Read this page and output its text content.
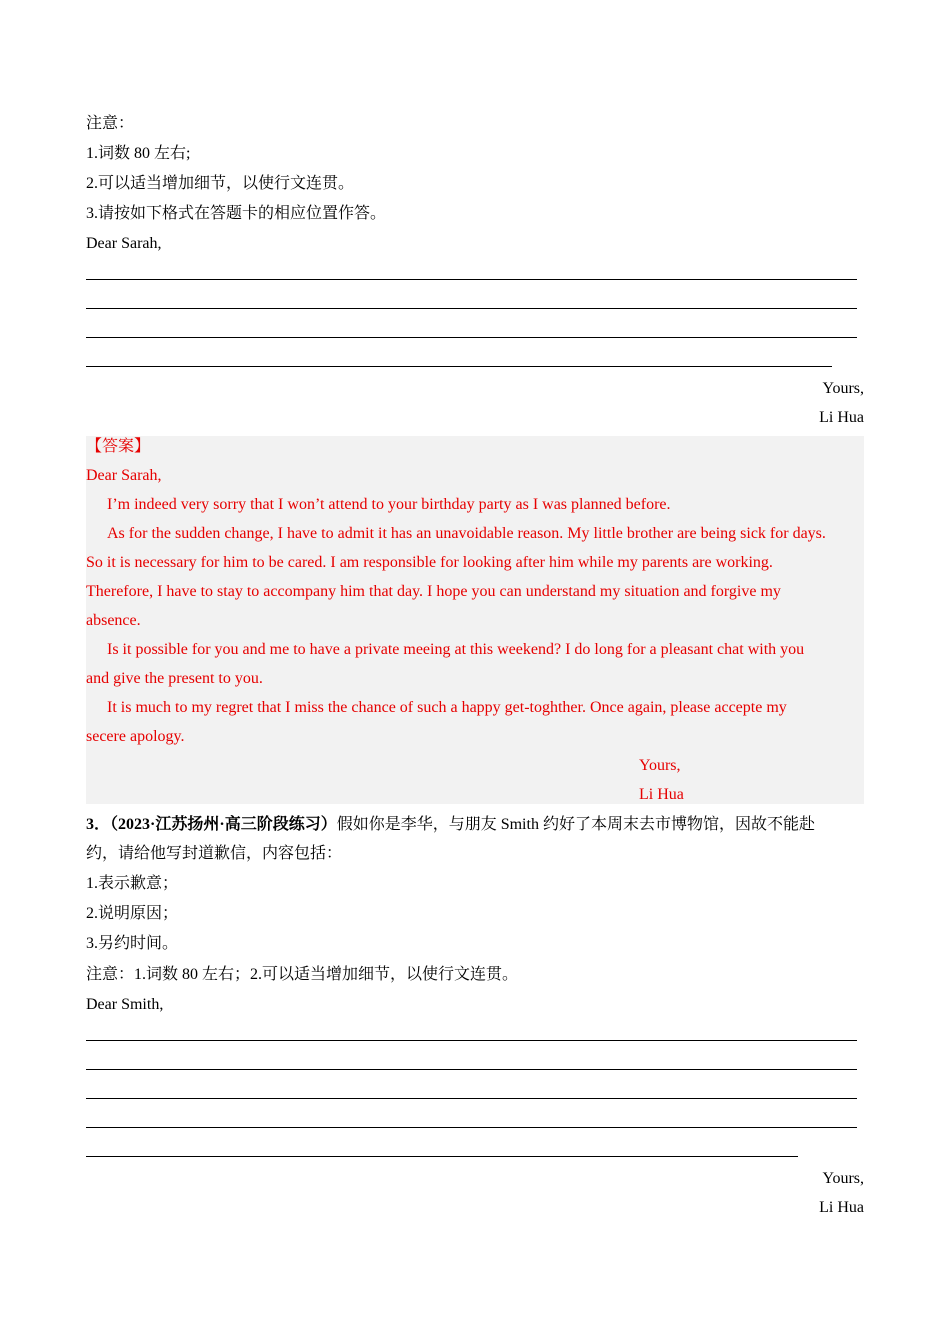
注意：
1.词数 80 左右;
2.可以适当增加细节，以使行文连贯。
3.请按如下格式在答题卡的相应位置作答。
Dear Sarah,
Yours,
Li Hua
【答案】
Dear Sarah,
I’m indeed very sorry that I won’t attend to your birthday party as I was planned before.
As for the sudden change, I have to admit it has an unavoidable reason. My little brother are being sick for days.
So it is necessary for him to be cared. I am responsible for looking after him while my parents are working.
Therefore, I have to stay to accompany him that day. I hope you can understand my situation and forgive my
absence.
Is it possible for you and me to have a private meeing at this weekend? I do long for a pleasant chat with you
and give the present to you.
It is much to my regret that I miss the chance of such a happy get-toghther. Once again, please accepte my
secere apology.
Yours,
Li Hua
3．（2023·江苏扬州·高三阶段练习）假如你是李华，与朋友 Smith 约好了本周末去市博物馆，因故不能赴
约，请给他写封道歉信，内容包括：
1.表示歉意；
2.说明原因；
3.另约时间。
注意：1.词数 80 左右；2.可以适当增加细节，以使行文连贯。
Dear Smith,
Yours,
Li Hua
